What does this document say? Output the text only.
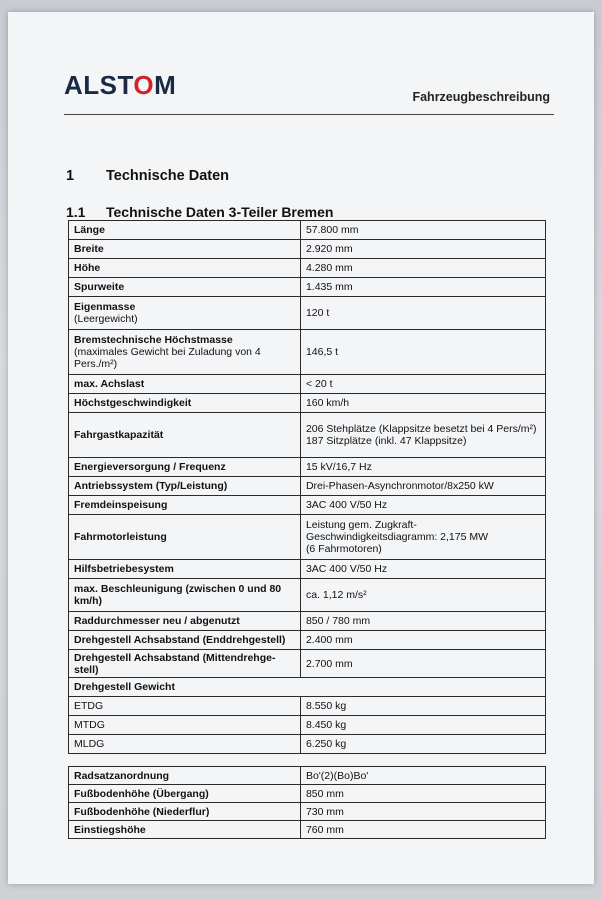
ALSTOM	Fahrzeugbeschreibung
1 Technische Daten
1.1 Technische Daten 3-Teiler Bremen
Länge	57.800 mm
Breite	2.920 mm
Höhe	4.280 mm
Spurweite	1.435 mm
Eigenmasse
(Leergewicht)	120 t
Bremstechnische Höchstmasse
(maximales Gewicht bei Zuladung von 4 Pers./m²)	146,5 t
max. Achslast	< 20 t
Höchstgeschwindigkeit	160 km/h
Fahrgastkapazität	206 Stehplätze (Klappsitze besetzt bei 4 Pers/m²)
187 Sitzplätze (inkl. 47 Klappsitze)
Energieversorgung / Frequenz	15 kV/16,7 Hz
Antriebssystem (Typ/Leistung)	Drei-Phasen-Asynchronmotor/8x250 kW
Fremdeinspeisung	3AC 400 V/50 Hz
Fahrmotorleistung	Leistung gem. Zugkraft-Geschwindigkeitsdiagramm: 2,175 MW
(6 Fahrmotoren)
Hilfsbetriebesystem	3AC 400 V/50 Hz
max. Beschleunigung (zwischen 0 und 80 km/h)	ca. 1,12 m/s²
Raddurchmesser neu / abgenutzt	850 / 780 mm
Drehgestell Achsabstand (Enddrehgestell)	2.400 mm
Drehgestell Achsabstand (Mittendrehge-stell)	2.700 mm
Drehgestell Gewicht	
ETDG	8.550 kg
MTDG	8.450 kg
MLDG	6.250 kg
Radsatzanordnung	Bo'(2)(Bo)Bo'
Fußbodenhöhe (Übergang)	850 mm
Fußbodenhöhe (Niederflur)	730 mm
Einstiegshöhe	760 mm
